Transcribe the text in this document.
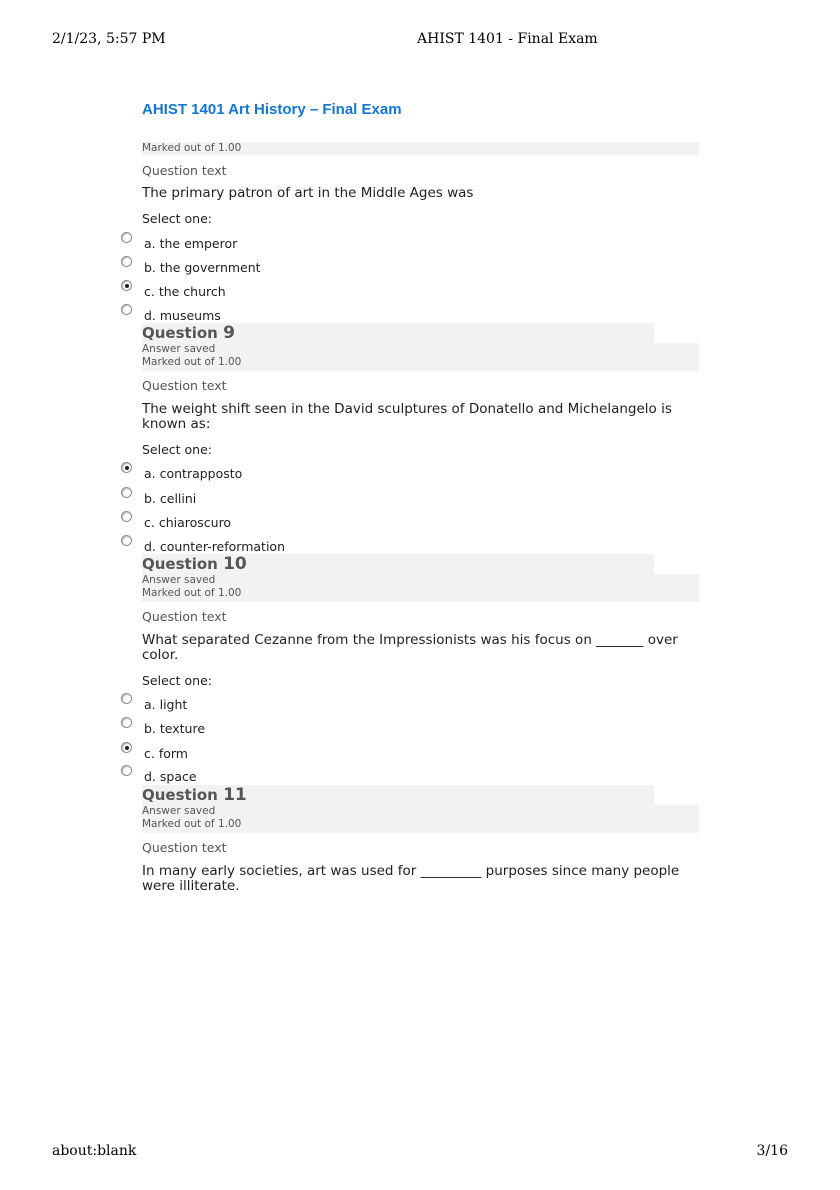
2/1/23, 5:57 PM	AHIST 1401 - Final Exam
AHIST 1401 Art History – Final Exam
Marked out of 1.00
Question text
The primary patron of art in the Middle Ages was
Select one:
a. the emperor
b. the government
c. the church
d. museums
Question 9
Answer saved
Marked out of 1.00
Question text
The weight shift seen in the David sculptures of Donatello and Michelangelo is known as:
Select one:
a. contrapposto
b. cellini
c. chiaroscuro
d. counter-reformation
Question 10
Answer saved
Marked out of 1.00
Question text
What separated Cezanne from the Impressionists was his focus on _______ over color.
Select one:
a. light
b. texture
c. form
d. space
Question 11
Answer saved
Marked out of 1.00
Question text
In many early societies, art was used for _________ purposes since many people were illiterate.
about:blank	3/16
